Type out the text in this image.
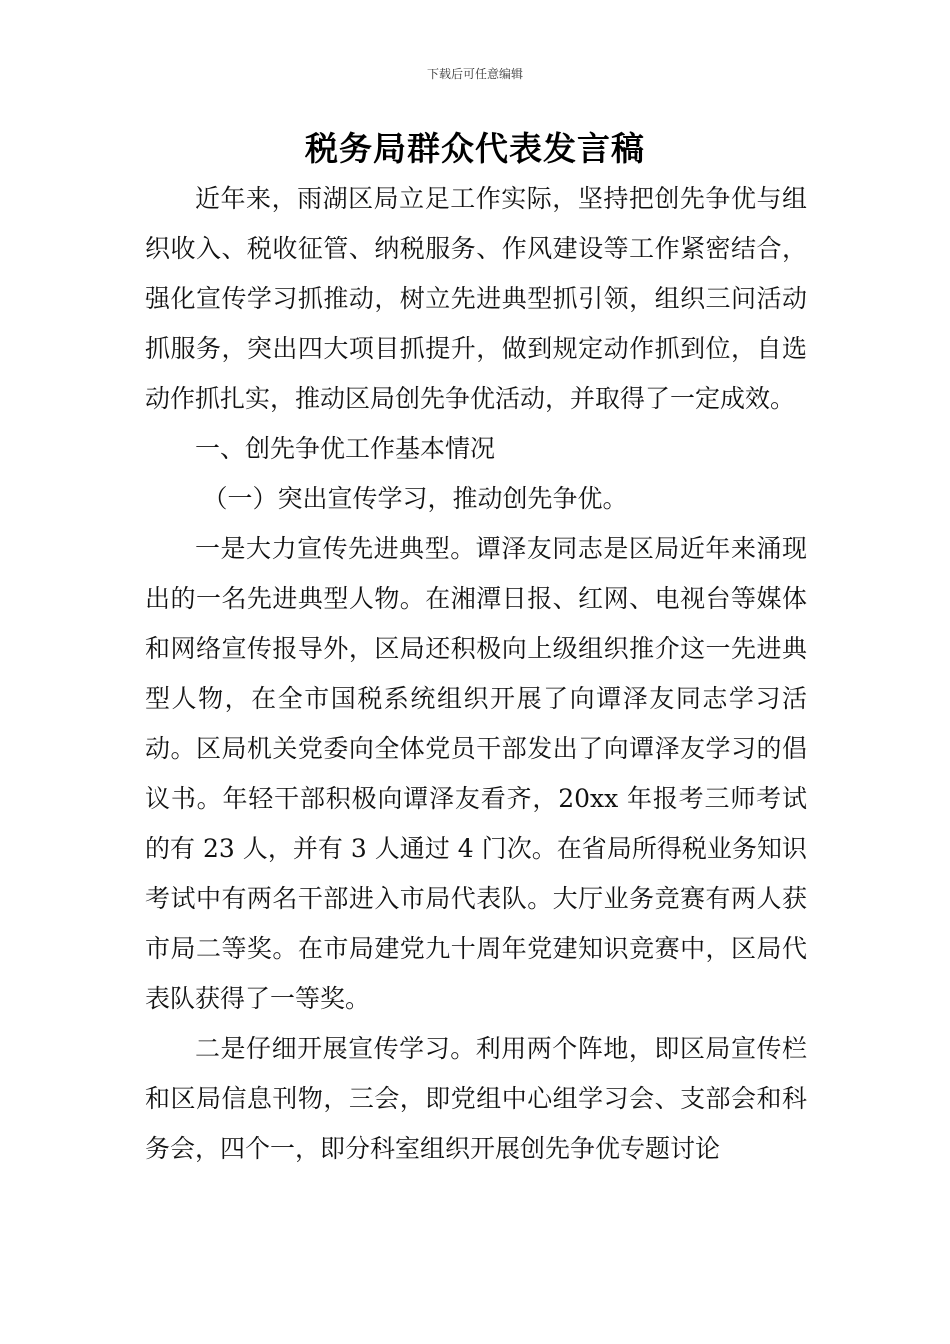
下载后可任意编辑
税务局群众代表发言稿

近年来，雨湖区局立足工作实际，坚持把创先争优与组织收入、税收征管、纳税服务、作风建设等工作紧密结合，强化宣传学习抓推动，树立先进典型抓引领，组织三问活动抓服务，突出四大项目抓提升，做到规定动作抓到位，自选动作抓扎实，推动区局创先争优活动，并取得了一定成效。

一、创先争优工作基本情况

（一）突出宣传学习，推动创先争优。

一是大力宣传先进典型。谭泽友同志是区局近年来涌现出的一名先进典型人物。在湘潭日报、红网、电视台等媒体和网络宣传报导外，区局还积极向上级组织推介这一先进典型人物，在全市国税系统组织开展了向谭泽友同志学习活动。区局机关党委向全体党员干部发出了向谭泽友学习的倡议书。年轻干部积极向谭泽友看齐，20xx 年报考三师考试的有 23 人，并有 3 人通过 4 门次。在省局所得税业务知识考试中有两名干部进入市局代表队。大厅业务竞赛有两人获市局二等奖。在市局建党九十周年党建知识竞赛中，区局代表队获得了一等奖。

二是仔细开展宣传学习。利用两个阵地，即区局宣传栏和区局信息刊物，三会，即党组中心组学习会、支部会和科务会，四个一，即分科室组织开展创先争优专题讨论
